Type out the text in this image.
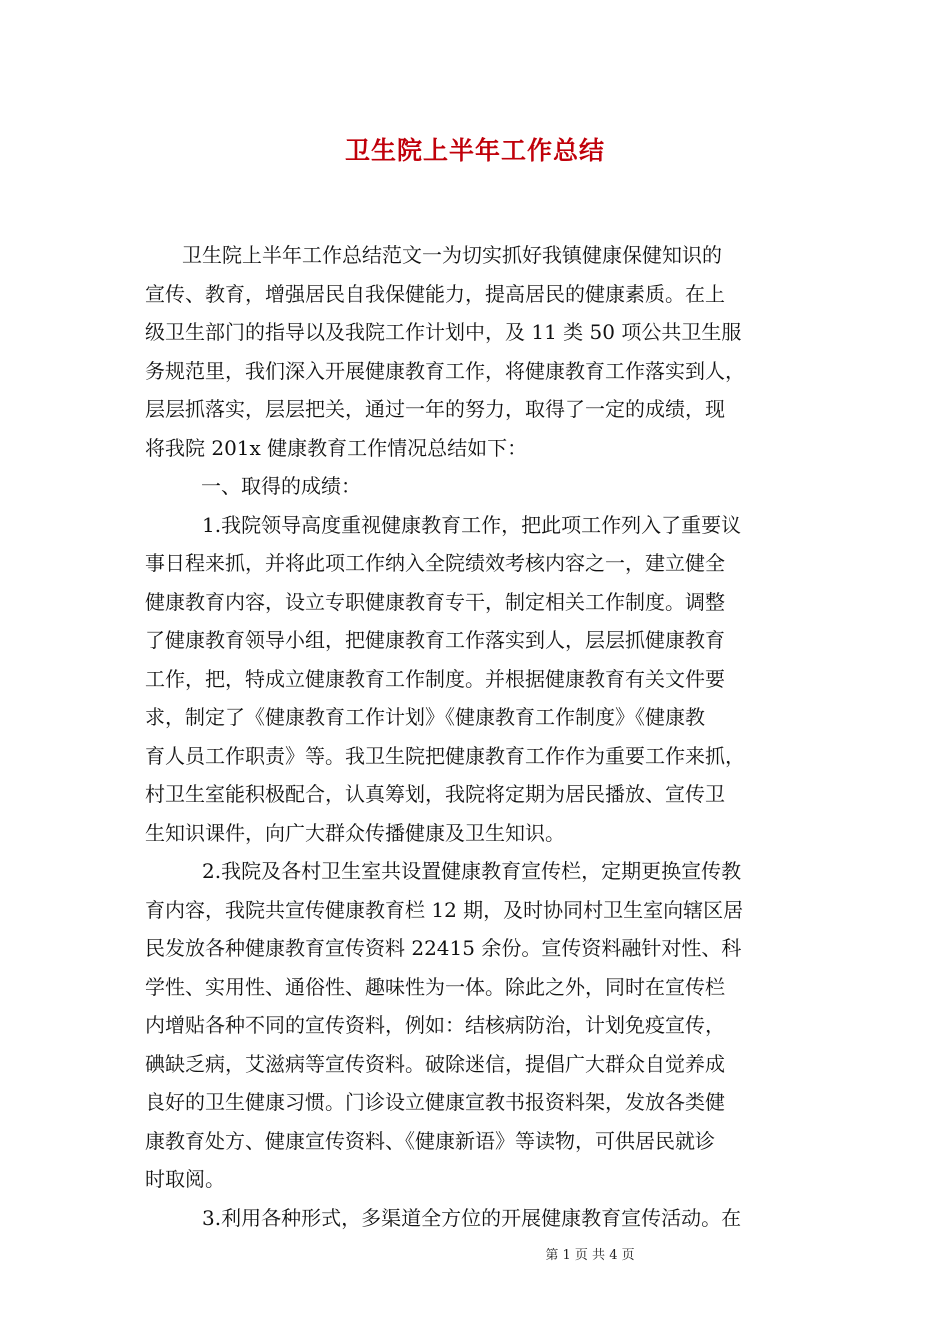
卫生院上半年工作总结

卫生院上半年工作总结范文一为切实抓好我镇健康保健知识的

宣传、教育，增强居民自我保健能力，提高居民的健康素质。在上

级卫生部门的指导以及我院工作计划中，及 11 类 50 项公共卫生服

务规范里，我们深入开展健康教育工作，将健康教育工作落实到人，

层层抓落实，层层把关，通过一年的努力，取得了一定的成绩，现

将我院 201x 健康教育工作情况总结如下：

一、取得的成绩：

1.我院领导高度重视健康教育工作，把此项工作列入了重要议

事日程来抓，并将此项工作纳入全院绩效考核内容之一，建立健全

健康教育内容，设立专职健康教育专干，制定相关工作制度。调整

了健康教育领导小组，把健康教育工作落实到人，层层抓健康教育

工作，把，特成立健康教育工作制度。并根据健康教育有关文件要

求，制定了《健康教育工作计划》《健康教育工作制度》《健康教

育人员工作职责》等。我卫生院把健康教育工作作为重要工作来抓，

村卫生室能积极配合，认真筹划，我院将定期为居民播放、宣传卫

生知识课件，向广大群众传播健康及卫生知识。

2.我院及各村卫生室共设置健康教育宣传栏，定期更换宣传教

育内容，我院共宣传健康教育栏 12 期，及时协同村卫生室向辖区居

民发放各种健康教育宣传资料 22415 余份。宣传资料融针对性、科

学性、实用性、通俗性、趣味性为一体。除此之外，同时在宣传栏

内增贴各种不同的宣传资料，例如：结核病防治，计划免疫宣传，

碘缺乏病，艾滋病等宣传资料。破除迷信，提倡广大群众自觉养成

良好的卫生健康习惯。门诊设立健康宣教书报资料架，发放各类健

康教育处方、健康宣传资料、《健康新语》等读物，可供居民就诊

时取阅。

3.利用各种形式，多渠道全方位的开展健康教育宣传活动。在

第 1 页 共 4 页
